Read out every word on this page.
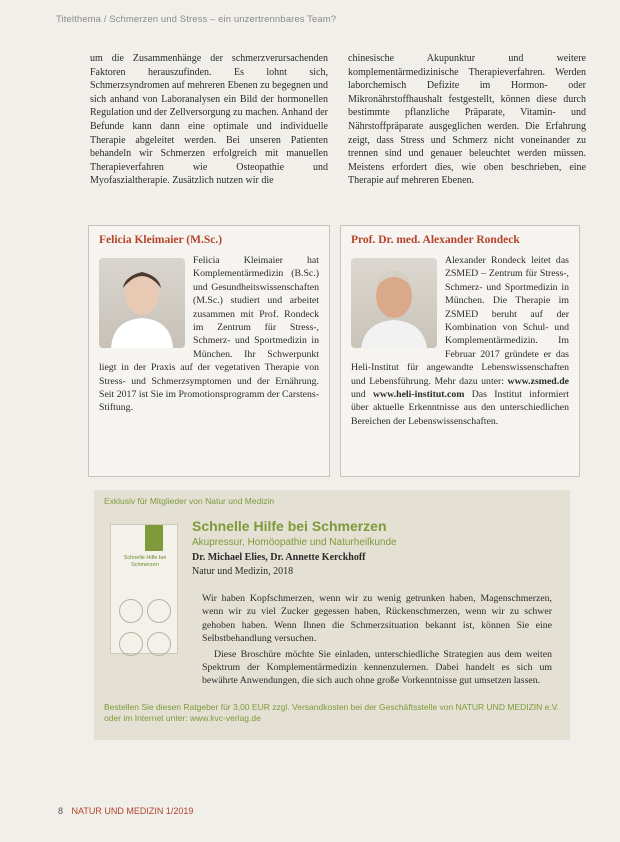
Titelthema / Schmerzen und Stress – ein unzertrennbares Team?
um die Zusammenhänge der schmerzverursachenden Faktoren herauszufinden. Es lohnt sich, Schmerzsyndromen auf mehreren Ebenen zu begegnen und sich anhand von Laboranalysen ein Bild der hormonellen Regulation und der Zellversorgung zu machen. Anhand der Befunde kann dann eine optimale und individuelle Therapie abgeleitet werden. Bei unseren Patienten behandeln wir Schmerzen erfolgreich mit manuellen Therapieverfahren wie Osteopathie und Myofaszialtherapie. Zusätzlich nutzen wir die
chinesische Akupunktur und weitere komplementärmedizinische Therapieverfahren. Werden laborchemisch Defizite im Hormon- oder Mikronährstoffhaushalt festgestellt, können diese durch bestimmte pflanzliche Präparate, Vitamin- und Nährstoffpräparate ausgeglichen werden. Die Erfahrung zeigt, dass Stress und Schmerz nicht voneinander zu trennen sind und genauer beleuchtet werden müssen. Meistens erfordert dies, wie oben beschrieben, eine Therapie auf mehreren Ebenen.
Felicia Kleimaier (M.Sc.)
Felicia Kleimaier hat Komplementärmedizin (B.Sc.) und Gesundheitswissenschaften (M.Sc.) studiert und arbeitet zusammen mit Prof. Rondeck im Zentrum für Stress-, Schmerz- und Sportmedizin in München. Ihr Schwerpunkt liegt in der Praxis auf der vegetativen Therapie von Stress- und Schmerzsymptomen und der Ernährung. Seit 2017 ist Sie im Promotionsprogramm der Carstens-Stiftung.
Prof. Dr. med. Alexander Rondeck
Alexander Rondeck leitet das ZSMED – Zentrum für Stress-, Schmerz- und Sportmedizin in München. Die Therapie im ZSMED beruht auf der Kombination von Schul- und Komplementärmedizin. Im Februar 2017 gründete er das Heli-Institut für angewandte Lebenswissenschaften und Lebensführung. Mehr dazu unter: www.zsmed.de und www.heli-institut.com Das Institut informiert über aktuelle Erkenntnisse aus den unterschiedlichen Bereichen der Lebenswissenschaften.
Exklusiv für Mitglieder von Natur und Medizin
Schnelle Hilfe bei Schmerzen
Schnelle Hilfe bei Schmerzen
Akupressur, Homöopathie und Naturheilkunde
Dr. Michael Elies, Dr. Annette Kerckhoff
Natur und Medizin, 2018

Wir haben Kopfschmerzen, wenn wir zu wenig getrunken haben, Magenschmerzen, wenn wir zu viel Zucker gegessen haben, Rückenschmerzen, wenn wir zu schwer gehoben haben. Wenn Ihnen die Schmerzsituation bekannt ist, können Sie eine Selbstbehandlung versuchen.

Diese Broschüre möchte Sie einladen, unterschiedliche Strategien aus dem weiten Spektrum der Komplementärmedizin kennenzulernen. Dabei handelt es sich um bewährte Anwendungen, die sich auch ohne große Vorkenntnisse gut umsetzen lassen.

Bestellen Sie diesen Ratgeber für 3,00 EUR zzgl. Versandkosten bei der Geschäftsstelle von NATUR UND MEDIZIN e.V. oder im Internet unter: www.kvc-verlag.de
8 NATUR UND MEDIZIN 1/2019
